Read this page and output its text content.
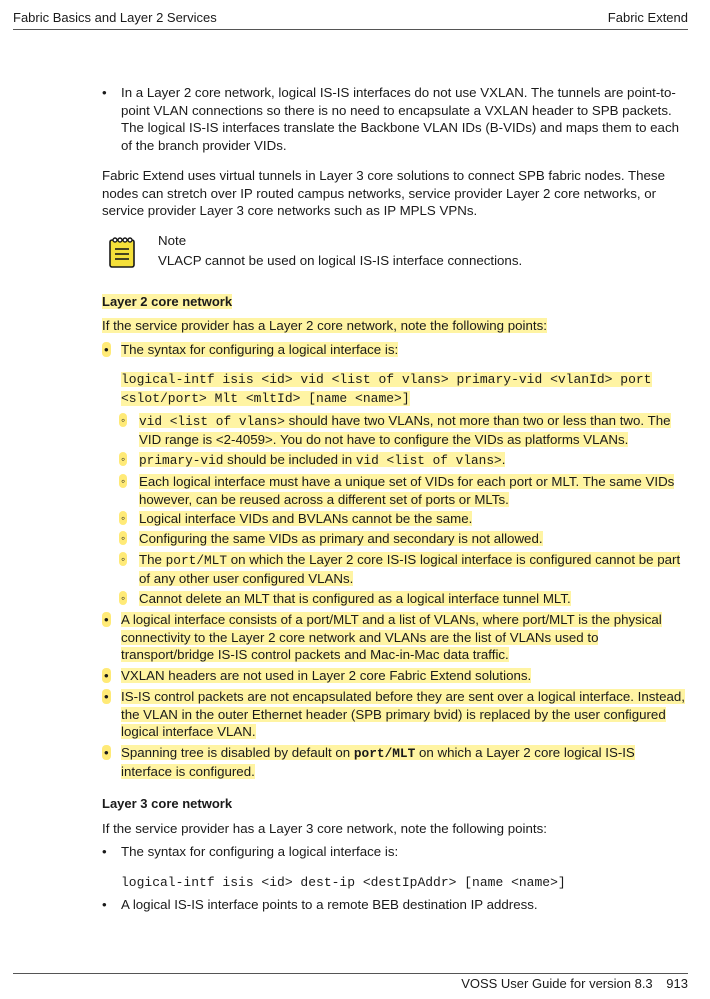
Fabric Basics and Layer 2 Services	Fabric Extend
•	In a Layer 2 core network, logical IS-IS interfaces do not use VXLAN. The tunnels are point-to-point VLAN connections so there is no need to encapsulate a VXLAN header to SPB packets. The logical IS-IS interfaces translate the Backbone VLAN IDs (B-VIDs) and maps them to each of the branch provider VIDs.
Fabric Extend uses virtual tunnels in Layer 3 core solutions to connect SPB fabric nodes. These nodes can stretch over IP routed campus networks, service provider Layer 2 core networks, or service provider Layer 3 core networks such as IP MPLS VPNs.
Note
VLACP cannot be used on logical IS-IS interface connections.
Layer 2 core network
If the service provider has a Layer 2 core network, note the following points:
• The syntax for configuring a logical interface is:
logical-intf isis <id> vid <list of vlans> primary-vid <vlanId> port
<slot/port> Mlt <mltId> [name <name>]
◦	vid <list of vlans> should have two VLANs, not more than two or less than two. The VID range is <2-4059>. You do not have to configure the VIDs as platforms VLANs.
◦	primary-vid should be included in vid <list of vlans>.
◦	Each logical interface must have a unique set of VIDs for each port or MLT. The same VIDs however, can be reused across a different set of ports or MLTs.
◦	Logical interface VIDs and BVLANs cannot be the same.
◦	Configuring the same VIDs as primary and secondary is not allowed.
◦	The port/MLT on which the Layer 2 core IS-IS logical interface is configured cannot be part of any other user configured VLANs.
◦	Cannot delete an MLT that is configured as a logical interface tunnel MLT.
• A logical interface consists of a port/MLT and a list of VLANs, where port/MLT is the physical connectivity to the Layer 2 core network and VLANs are the list of VLANs used to transport/bridge IS-IS control packets and Mac-in-Mac data traffic.
• VXLAN headers are not used in Layer 2 core Fabric Extend solutions.
• IS-IS control packets are not encapsulated before they are sent over a logical interface. Instead, the VLAN in the outer Ethernet header (SPB primary bvid) is replaced by the user configured logical interface VLAN.
• Spanning tree is disabled by default on port/MLT on which a Layer 2 core logical IS-IS interface is configured.
Layer 3 core network
If the service provider has a Layer 3 core network, note the following points:
•	The syntax for configuring a logical interface is:
logical-intf isis <id> dest-ip <destIpAddr> [name <name>]
•	A logical IS-IS interface points to a remote BEB destination IP address.
VOSS User Guide for version 8.3 913
